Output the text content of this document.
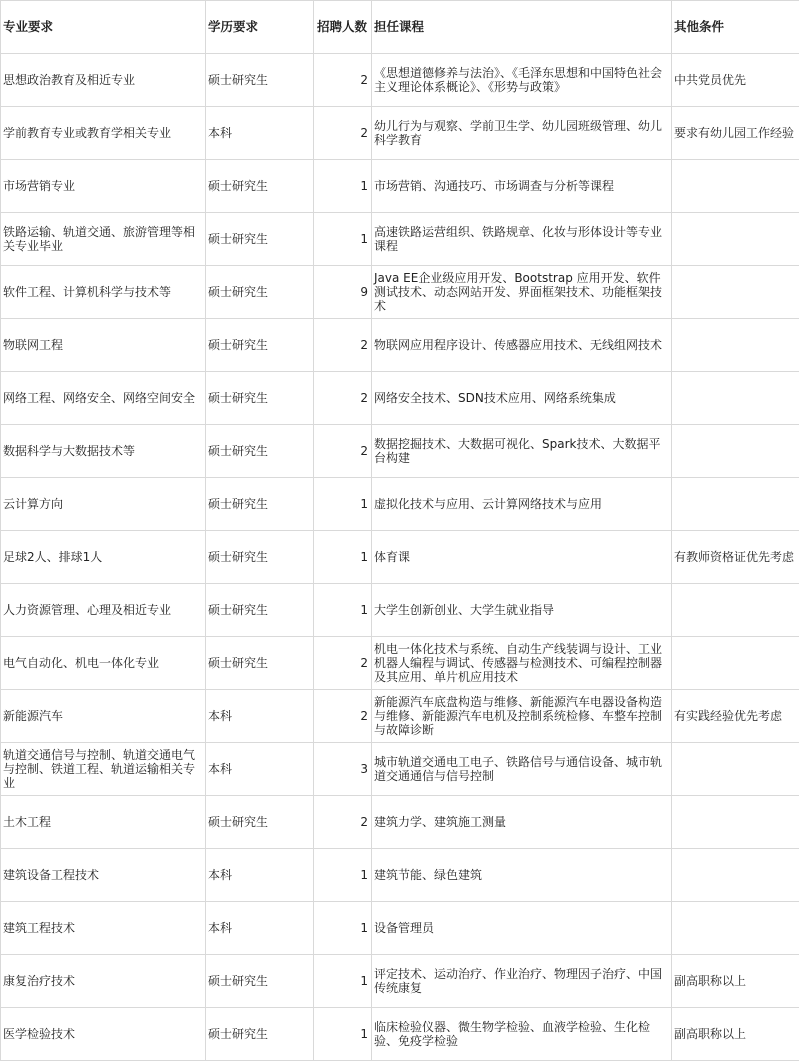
专业要求	学历要求	招聘人数	担任课程	其他条件
思想政治教育及相近专业	硕士研究生	2	《思想道德修养与法治》、《毛泽东思想和中国特色社会主义理论体系概论》、《形势与政策》	中共党员优先
学前教育专业或教育学相关专业	本科	2	幼儿行为与观察、学前卫生学、幼儿园班级管理、幼儿科学教育	要求有幼儿园工作经验
市场营销专业	硕士研究生	1	市场营销、沟通技巧、市场调查与分析等课程	
铁路运输、轨道交通、旅游管理等相关专业毕业	硕士研究生	1	高速铁路运营组织、铁路规章、化妆与形体设计等专业课程	
软件工程、计算机科学与技术等	硕士研究生	9	Java EE企业级应用开发、Bootstrap 应用开发、软件测试技术、动态网站开发、界面框架技术、功能框架技术	
物联网工程	硕士研究生	2	物联网应用程序设计、传感器应用技术、无线组网技术	
网络工程、网络安全、网络空间安全	硕士研究生	2	网络安全技术、SDN技术应用、网络系统集成	
数据科学与大数据技术等	硕士研究生	2	数据挖掘技术、大数据可视化、Spark技术、大数据平台构建	
云计算方向	硕士研究生	1	虚拟化技术与应用、云计算网络技术与应用	
足球2人、排球1人	硕士研究生	1	体育课	有教师资格证优先考虑
人力资源管理、心理及相近专业	硕士研究生	1	大学生创新创业、大学生就业指导	
电气自动化、机电一体化专业	硕士研究生	2	机电一体化技术与系统、自动生产线装调与设计、工业机器人编程与调试、传感器与检测技术、可编程控制器及其应用、单片机应用技术	
新能源汽车	本科	2	新能源汽车底盘构造与维修、新能源汽车电器设备构造与维修、新能源汽车电机及控制系统检修、车整车控制与故障诊断	有实践经验优先考虑
轨道交通信号与控制、轨道交通电气与控制、铁道工程、轨道运输相关专业	本科	3	城市轨道交通电工电子、铁路信号与通信设备、城市轨道交通通信与信号控制	
土木工程	硕士研究生	2	建筑力学、建筑施工测量	
建筑设备工程技术	本科	1	建筑节能、绿色建筑	
建筑工程技术	本科	1	设备管理员	
康复治疗技术	硕士研究生	1	评定技术、运动治疗、作业治疗、物理因子治疗、中国传统康复	副高职称以上
医学检验技术	硕士研究生	1	临床检验仪器、微生物学检验、血液学检验、生化检验、免疫学检验	副高职称以上
